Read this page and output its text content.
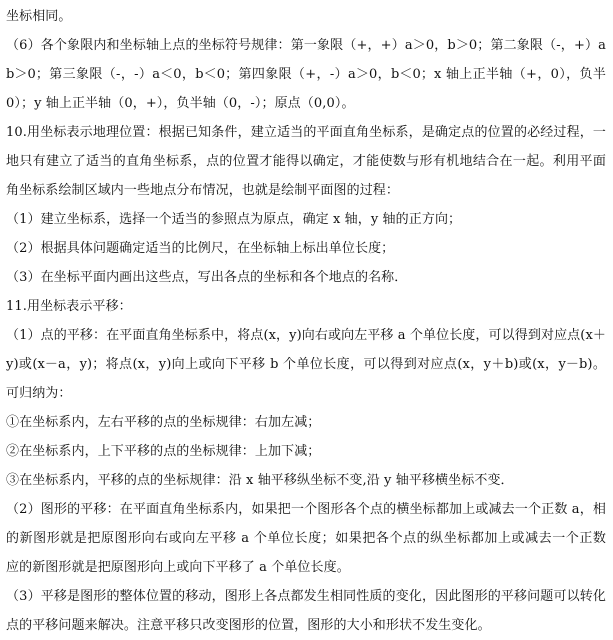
坐标相同。
（6）各个象限内和坐标轴上点的坐标符号规律：第一象限（+，+）a＞0，b＞0；第二象限（-，+）a
b＞0；第三象限（-，-）a＜0，b＜0；第四象限（+，-）a＞0，b＜0；x 轴上正半轴（+，0），负半
0）；y 轴上正半轴（0，+），负半轴（0，-）；原点（0,0）。
10.用坐标表示地理位置：根据已知条件，建立适当的平面直角坐标系，是确定点的位置的必经过程，一
地只有建立了适当的直角坐标系，点的位置才能得以确定，才能使数与形有机地结合在一起。利用平面
角坐标系绘制区域内一些地点分布情况，也就是绘制平面图的过程：
（1）建立坐标系，选择一个适当的参照点为原点，确定 x 轴，y 轴的正方向；
（2）根据具体问题确定适当的比例尺，在坐标轴上标出单位长度；
（3）在坐标平面内画出这些点，写出各点的坐标和各个地点的名称．
11.用坐标表示平移：
（1）点的平移：在平面直角坐标系中，将点(x，y)向右或向左平移 a 个单位长度，可以得到对应点(x＋
y)或(x－a，y)；将点(x，y)向上或向下平移 b 个单位长度，可以得到对应点(x，y＋b)或(x，y－b)。
可归纳为：
①在坐标系内，左右平移的点的坐标规律：右加左减；
②在坐标系内，上下平移的点的坐标规律：上加下减；
③在坐标系内，平移的点的坐标规律：沿 x 轴平移纵坐标不变,沿 y 轴平移横坐标不变．
（2）图形的平移：在平面直角坐标系内，如果把一个图形各个点的横坐标都加上或减去一个正数 a，相
的新图形就是把原图形向右或向左平移 a 个单位长度；如果把各个点的纵坐标都加上或减去一个正数
应的新图形就是把原图形向上或向下平移了 a 个单位长度。
（3）平移是图形的整体位置的移动，图形上各点都发生相同性质的变化，因此图形的平移问题可以转化
点的平移问题来解决。注意平移只改变图形的位置，图形的大小和形状不发生变化。
